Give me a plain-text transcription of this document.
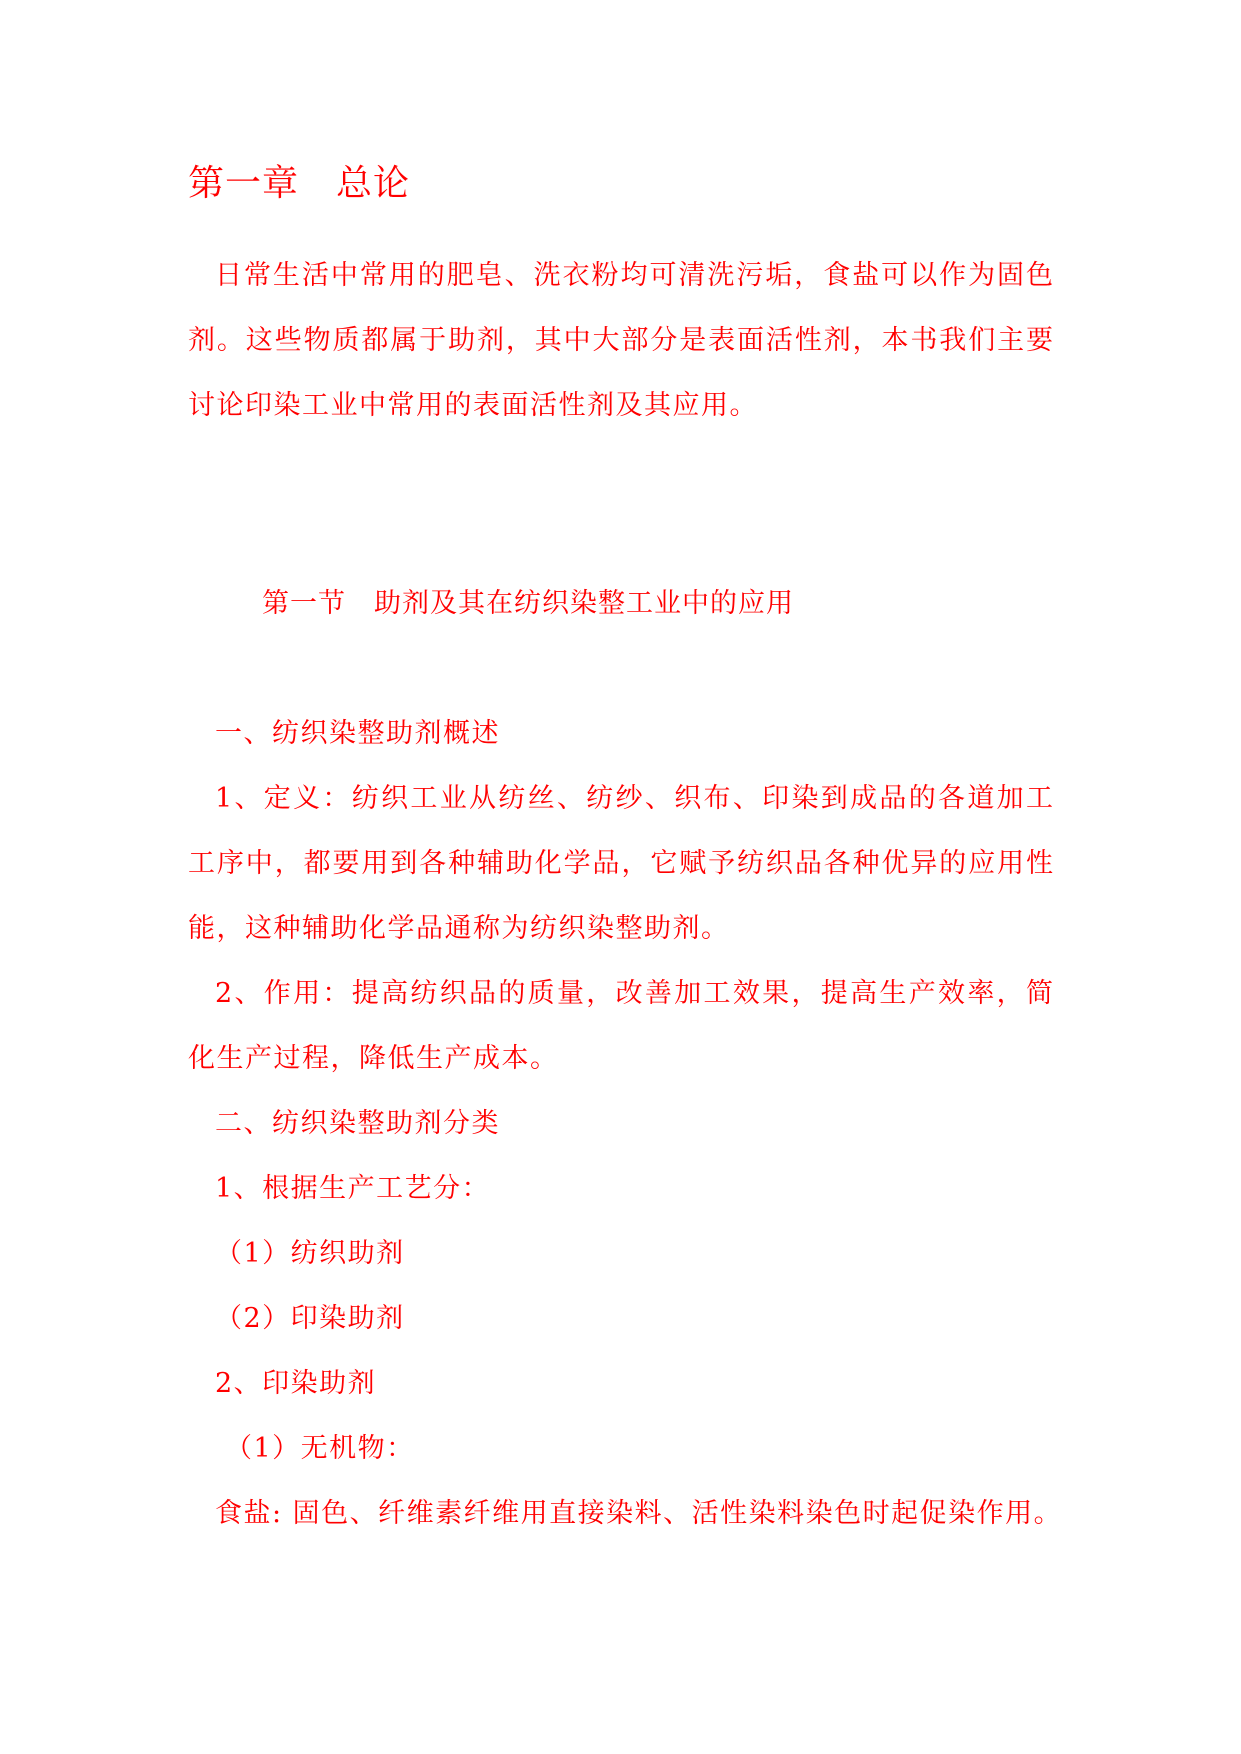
第一章　总论
日常生活中常用的肥皂、洗衣粉均可清洗污垢，食盐可以作为固色
剂。这些物质都属于助剂，其中大部分是表面活性剂，本书我们主要
讨论印染工业中常用的表面活性剂及其应用。
第一节　助剂及其在纺织染整工业中的应用
一、纺织染整助剂概述
1、定义：纺织工业从纺丝、纺纱、织布、印染到成品的各道加工
工序中，都要用到各种辅助化学品，它赋予纺织品各种优异的应用性
能，这种辅助化学品通称为纺织染整助剂。
2、作用：提高纺织品的质量，改善加工效果，提高生产效率，简
化生产过程，降低生产成本。
二、纺织染整助剂分类
1、根据生产工艺分：
（1）纺织助剂
（2）印染助剂
2、印染助剂
（1）无机物：
食盐: 固色、纤维素纤维用直接染料、活性染料染色时起促染作用。
